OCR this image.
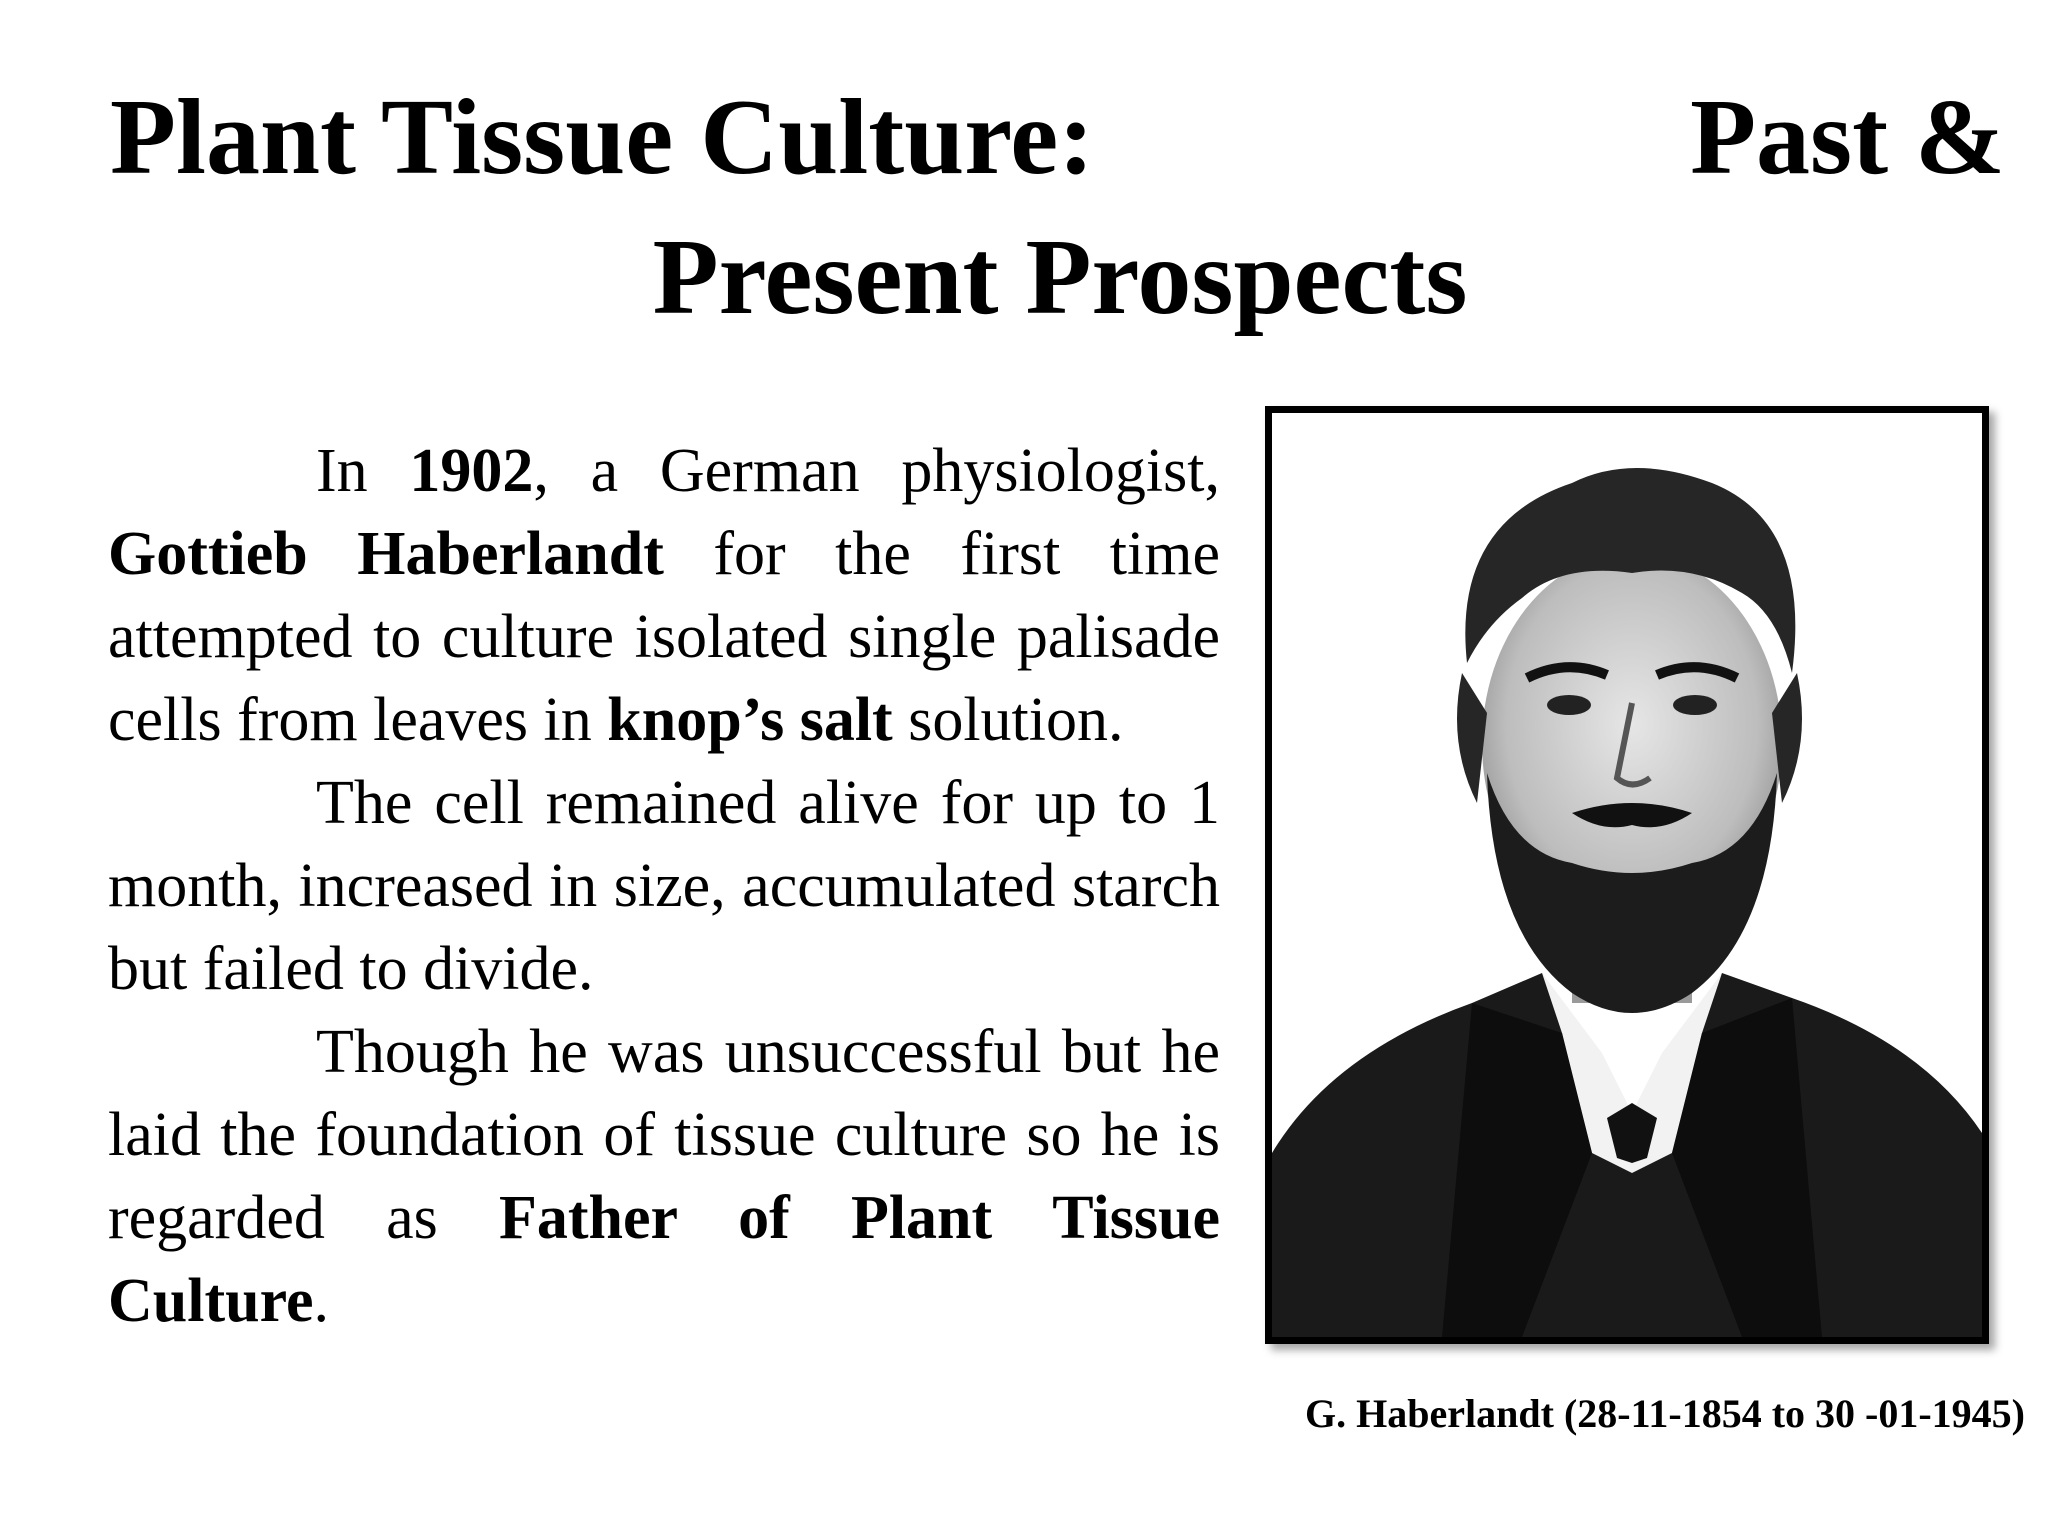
Plant Tissue Culture:	Past &
Present Prospects

In 1902, a German physiologist, Gottieb Haberlandt for the first time attempted to culture isolated single palisade cells from leaves in knop’s salt solution.

The cell remained alive for up to 1 month, increased in size, accumulated starch but failed to divide.

Though he was unsuccessful but he laid the foundation of tissue culture so he is regarded as Father of Plant Tissue Culture.

G. Haberlandt (28-11-1854 to 30 -01-1945)
